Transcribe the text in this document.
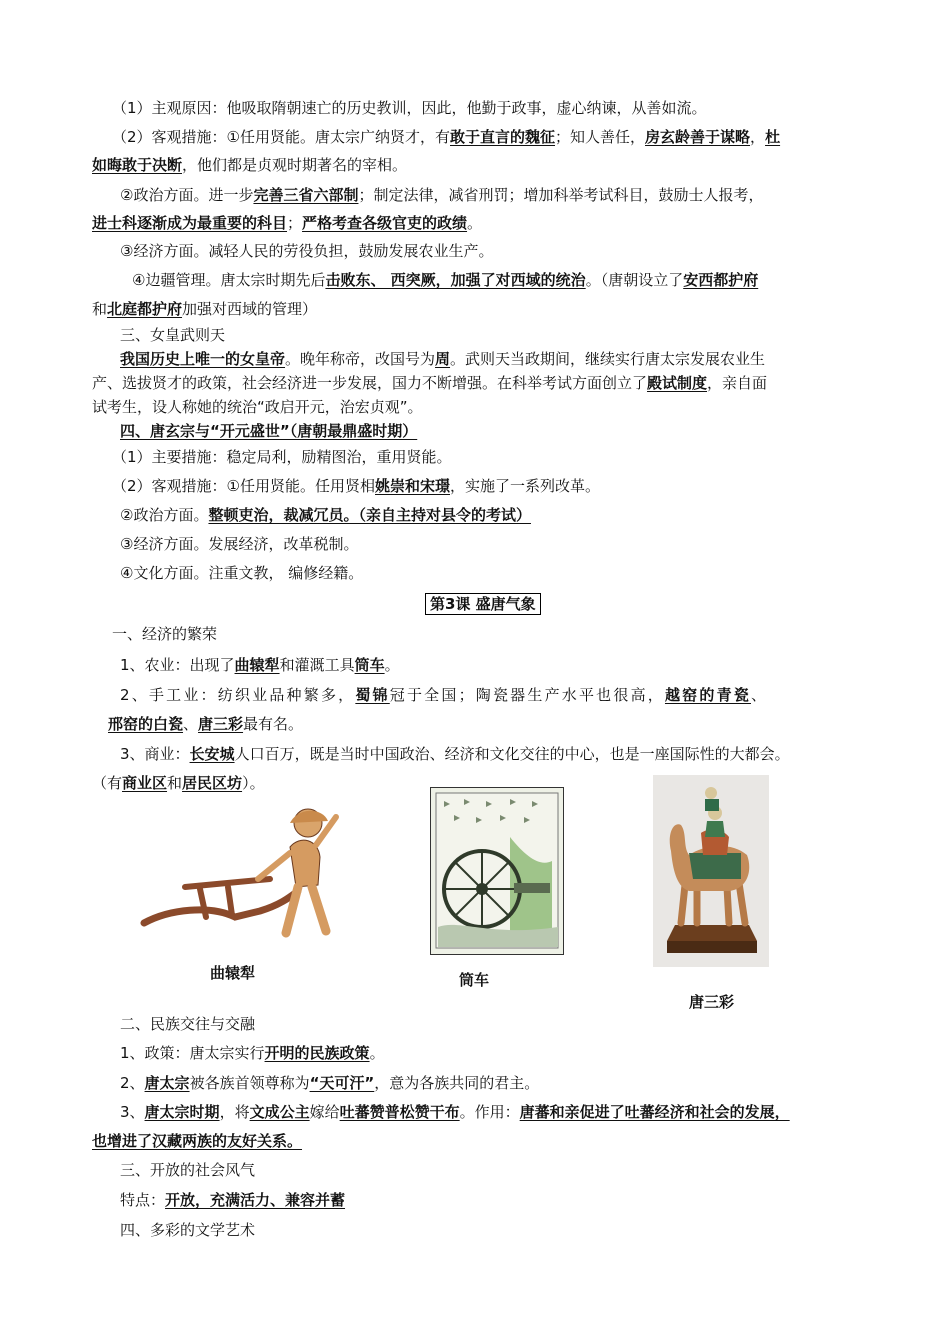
（1）主观原因：他吸取隋朝速亡的历史教训，因此，他勤于政事，虚心纳谏，从善如流。
（2）客观措施：①任用贤能。唐太宗广纳贤才，有敢于直言的魏征；知人善任，房玄龄善于谋略，杜
如晦敢于决断，他们都是贞观时期著名的宰相。
②政治方面。进一步完善三省六部制；制定法律，减省刑罚；增加科举考试科目，鼓励士人报考，
进士科逐渐成为最重要的科目；严格考查各级官吏的政绩。
③经济方面。减轻人民的劳役负担，鼓励发展农业生产。
④边疆管理。唐太宗时期先后击败东、 西突厥，加强了对西域的统治。（唐朝设立了安西都护府
和北庭都护府加强对西域的管理）
三、女皇武则天
我国历史上唯一的女皇帝。晚年称帝，改国号为周。武则天当政期间，继续实行唐太宗发展农业生
产、选拔贤才的政策，社会经济进一步发展，国力不断增强。在科举考试方面创立了殿试制度，亲自面
试考生，设人称她的统治“政启开元，治宏贞观”。
四、唐玄宗与“开元盛世”（唐朝最鼎盛时期）
（1）主要措施：稳定局利，励精图治，重用贤能。
（2）客观措施：①任用贤能。任用贤相姚崇和宋璟，实施了一系列改革。
②政治方面。整顿吏治，裁减冗员。（亲自主持对县令的考试）
③经济方面。发展经济，改革税制。
④文化方面。注重文教， 编修经籍。
第3课 盛唐气象
一、经济的繁荣
1、农业：出现了曲辕犁和灌溉工具筒车。
2、手工业：纺织业品种繁多，蜀锦冠于全国；陶瓷器生产水平也很高，越窑的青瓷、
邢窑的白瓷、唐三彩最有名。
3、商业：长安城人口百万，既是当时中国政治、经济和文化交往的中心，也是一座国际性的大都会。
（有商业区和居民区坊）。
曲辕犁	筒车
唐三彩
二、民族交往与交融
1、政策：唐太宗实行开明的民族政策。
2、唐太宗被各族首领尊称为“天可汗”，意为各族共同的君主。
3、唐太宗时期，将文成公主嫁给吐蕃赞普松赞干布。作用：唐蕃和亲促进了吐蕃经济和社会的发展，
也增进了汉藏两族的友好关系。
三、开放的社会风气
特点：开放，充满活力、兼容并蓄
四、多彩的文学艺术
